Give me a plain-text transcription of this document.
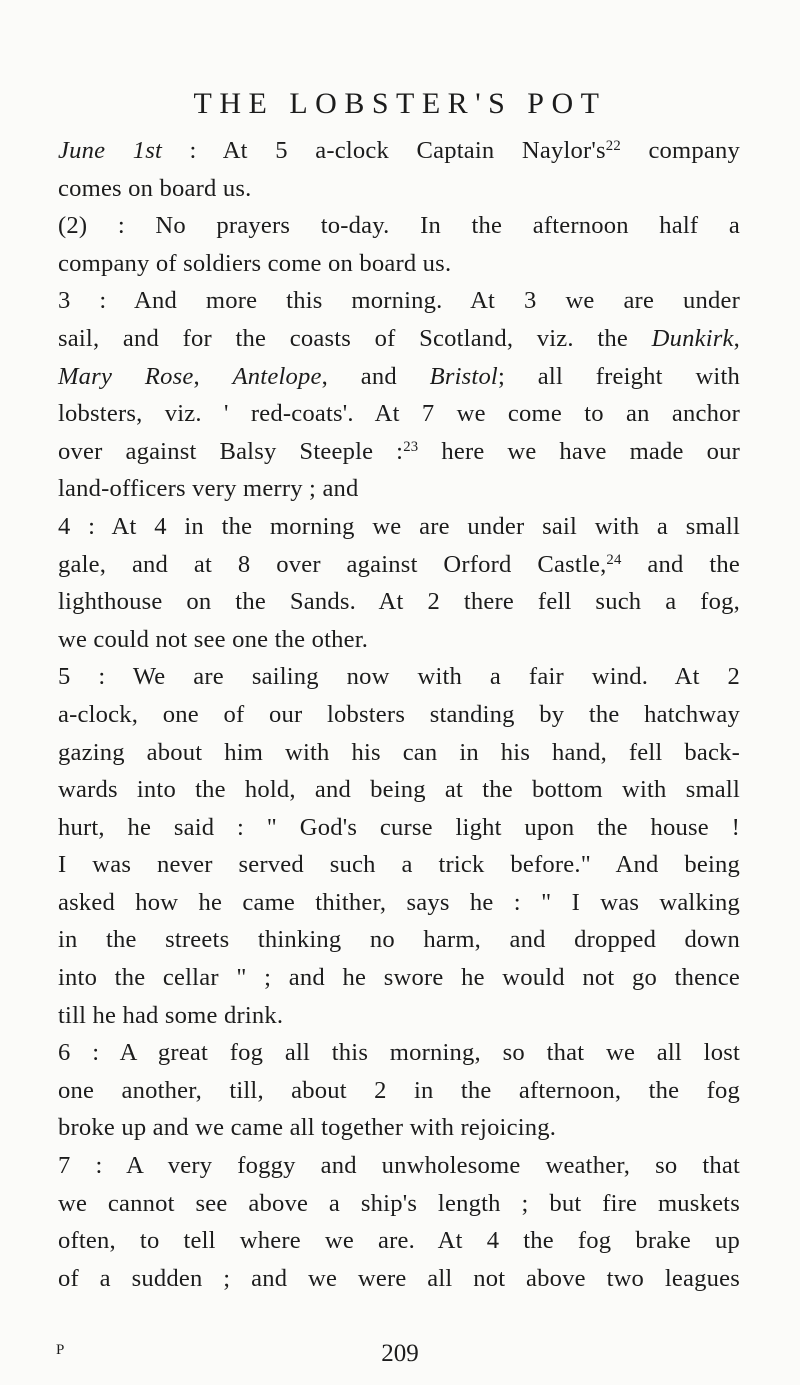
THE LOBSTER'S POT
June 1st : At 5 a-clock Captain $Naylor's^{22}$ company
comes on board us.
(2) : No prayers to-day. In the afternoon half a
company of soldiers come on board us.
3 : And more this morning. At 3 we are under
sail, and for the coasts of Scotland, viz. the Dunkirk,
Mary Rose, Antelope, and Bristol; all freight with
lobsters, viz. ' red-coats'. At 7 we come to an anchor
over against Balsy Steeple :$^{23}$ here we have made our
land-officers very merry ; and
4 : At 4 in the morning we are under sail with a small
gale, and at 8 over against Orford Castle,$^{24}$ and the
lighthouse on the Sands. At 2 there fell such a fog,
we could not see one the other.
5 : We are sailing now with a fair wind. At 2
a-clock, one of our lobsters standing by the hatchway
gazing about him with his can in his hand, fell back-
wards into the hold, and being at the bottom with small
hurt, he said : " God's curse light upon the house !
I was never served such a trick before." And being
asked how he came thither, says he : " I was walking
in the streets thinking no harm, and dropped down
into the cellar " ; and he swore he would not go thence
till he had some drink.
6 : A great fog all this morning, so that we all lost
one another, till, about 2 in the afternoon, the fog
broke up and we came all together with rejoicing.
7 : A very foggy and unwholesome weather, so that
we cannot see above a ship's length ; but fire muskets
often, to tell where we are. At 4 the fog brake up
of a sudden ; and we were all not above two leagues
P	209
